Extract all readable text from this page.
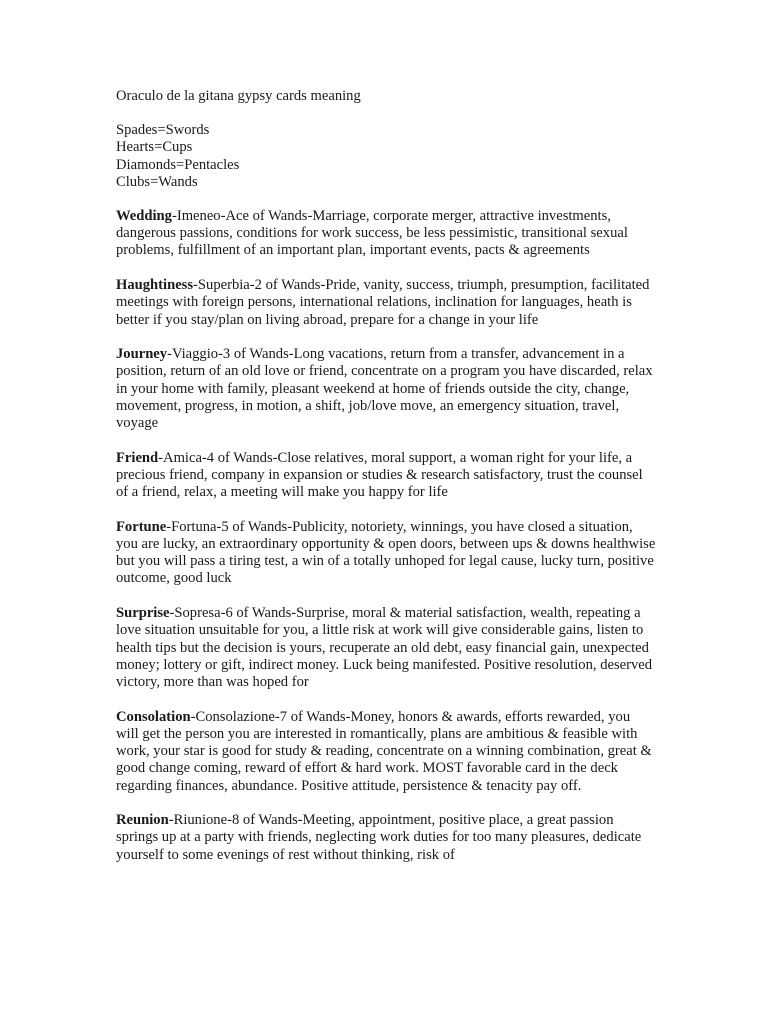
Oraculo de la gitana gypsy cards meaning
Spades=Swords
Hearts=Cups
Diamonds=Pentacles
Clubs=Wands
Wedding-Imeneo-Ace of Wands-Marriage, corporate merger, attractive investments, dangerous passions, conditions for work success, be less pessimistic, transitional sexual problems, fulfillment of an important plan, important events, pacts & agreements
Haughtiness-Superbia-2 of Wands-Pride, vanity, success, triumph, presumption, facilitated meetings with foreign persons, international relations, inclination for languages, heath is better if you stay/plan on living abroad, prepare for a change in your life
Journey-Viaggio-3 of Wands-Long vacations, return from a transfer, advancement in a position, return of an old love or friend, concentrate on a program you have discarded, relax in your home with family, pleasant weekend at home of friends outside the city, change, movement, progress, in motion, a shift, job/love move, an emergency situation, travel, voyage
Friend-Amica-4 of Wands-Close relatives, moral support, a woman right for your life, a precious friend, company in expansion or studies & research satisfactory, trust the counsel of a friend, relax, a meeting will make you happy for life
Fortune-Fortuna-5 of Wands-Publicity, notoriety, winnings, you have closed a situation, you are lucky, an extraordinary opportunity & open doors, between ups & downs healthwise but you will pass a tiring test, a win of a totally unhoped for legal cause, lucky turn, positive outcome, good luck
Surprise-Sopresa-6 of Wands-Surprise, moral & material satisfaction, wealth, repeating a love situation unsuitable for you, a little risk at work will give considerable gains, listen to health tips but the decision is yours, recuperate an old debt, easy financial gain, unexpected money; lottery or gift, indirect money. Luck being manifested. Positive resolution, deserved victory, more than was hoped for
Consolation-Consolazione-7 of Wands-Money, honors & awards, efforts rewarded, you will get the person you are interested in romantically, plans are ambitious & feasible with work, your star is good for study & reading, concentrate on a winning combination, great & good change coming, reward of effort & hard work. MOST favorable card in the deck regarding finances, abundance. Positive attitude, persistence & tenacity pay off.
Reunion-Riunione-8 of Wands-Meeting, appointment, positive place, a great passion springs up at a party with friends, neglecting work duties for too many pleasures, dedicate yourself to some evenings of rest without thinking, risk of
